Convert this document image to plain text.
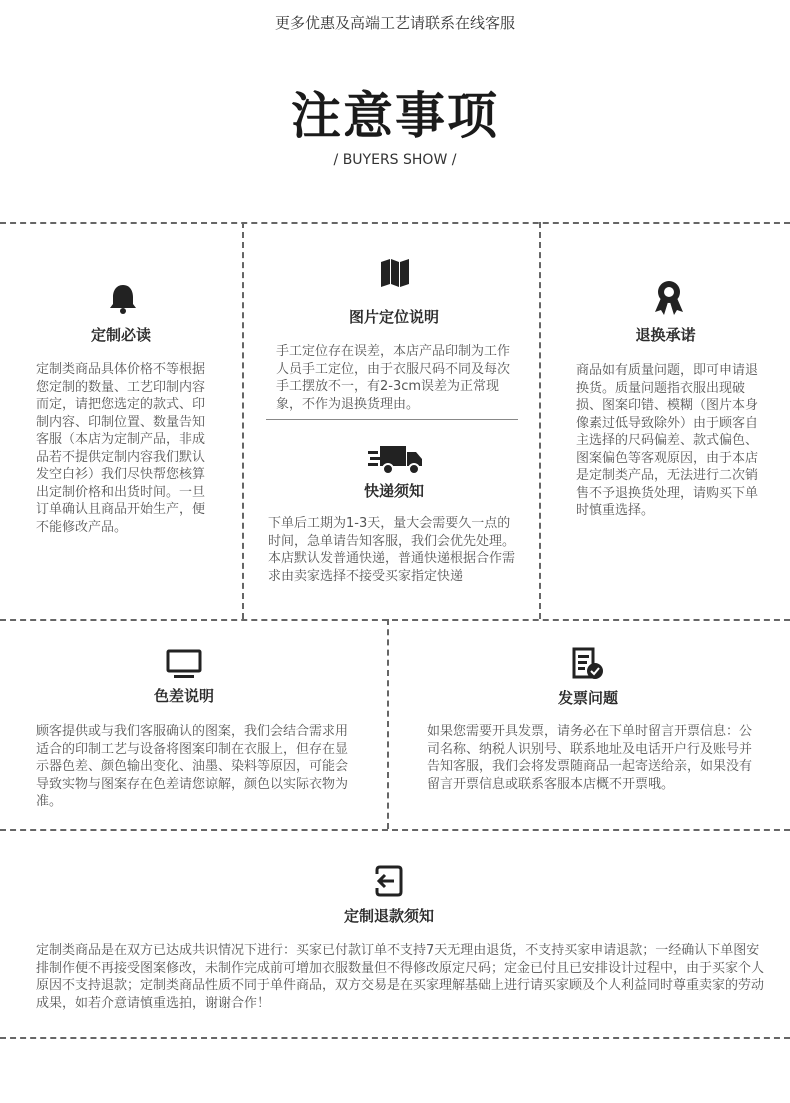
更多优惠及高端工艺请联系在线客服
注意事项
/ BUYERS SHOW /
定制必读
定制类商品具体价格不等根据您定制的数量、工艺印制内容而定，请把您选定的款式、印制内容、印制位置、数量告知客服（本店为定制产品，非成品若不提供定制内容我们默认发空白衫）我们尽快帮您核算出定制价格和出货时间。一旦订单确认且商品开始生产，便不能修改产品。
图片定位说明
手工定位存在误差，本店产品印制为工作人员手工定位，由于衣服尺码不同及每次手工摆放不一，有2-3cm误差为正常现象，不作为退换货理由。
快递须知
下单后工期为1-3天，量大会需要久一点的时间，急单请告知客服，我们会优先处理。本店默认发普通快递，普通快递根据合作需求由卖家选择不接受买家指定快递
退换承诺
商品如有质量问题，即可申请退换货。质量问题指衣服出现破损、图案印错、模糊（图片本身像素过低导致除外）由于顾客自主选择的尺码偏差、款式偏色、图案偏色等客观原因，由于本店是定制类产品，无法进行二次销售不予退换货处理，请购买下单时慎重选择。
色差说明
顾客提供或与我们客服确认的图案，我们会结合需求用适合的印制工艺与设备将图案印制在衣服上，但存在显示器色差、颜色输出变化、油墨、染料等原因，可能会导致实物与图案存在色差请您谅解，颜色以实际衣物为准。
发票问题
如果您需要开具发票，请务必在下单时留言开票信息：公司名称、纳税人识别号、联系地址及电话开户行及账号并告知客服，我们会将发票随商品一起寄送给亲，如果没有留言开票信息或联系客服本店概不开票哦。
定制退款须知
定制类商品是在双方已达成共识情况下进行：买家已付款订单不支持7天无理由退货，不支持买家申请退款；一经确认下单图安排制作便不再接受图案修改，未制作完成前可增加衣服数量但不得修改原定尺码；定金已付且已安排设计过程中，由于买家个人原因不支持退款；定制类商品性质不同于单件商品，双方交易是在买家理解基础上进行请买家顾及个人利益同时尊重卖家的劳动成果，如若介意请慎重选拍，谢谢合作！
